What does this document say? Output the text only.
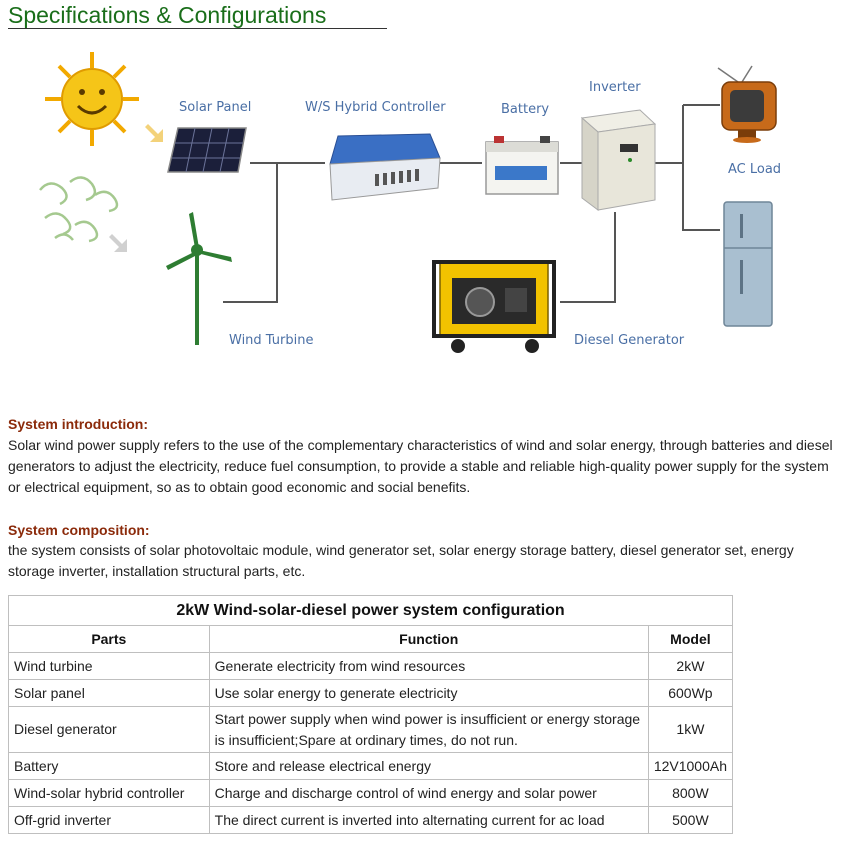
Specifications & Configurations
Solar Panel
Wind Turbine
W/S Hybrid Controller	Battery
Inverter
Diesel Generator
AC Load
System introduction:
Solar wind power supply refers to the use of the complementary characteristics of wind and solar energy, through batteries and diesel generators to adjust the electricity, reduce fuel consumption, to provide a stable and reliable high-quality power supply for the system or electrical equipment, so as to obtain good economic and social benefits.
System composition:
the system consists of solar photovoltaic module, wind generator set, solar energy storage battery, diesel generator set, energy storage inverter, installation structural parts, etc.
2kW Wind-solar-diesel power system configuration		
Parts	Function	Model
Wind turbine	Generate electricity from wind resources	2kW
Solar panel	Use solar energy to generate electricity	600Wp
Diesel generator	Start power supply when wind power is insufficient or energy storage is insufficient;Spare at ordinary times, do not run.	1kW
Battery	Store and release electrical energy	12V1000Ah
Wind-solar hybrid controller	Charge and discharge control of wind energy and solar power	800W
Off-grid inverter	The direct current is inverted into alternating current for ac load	500W
